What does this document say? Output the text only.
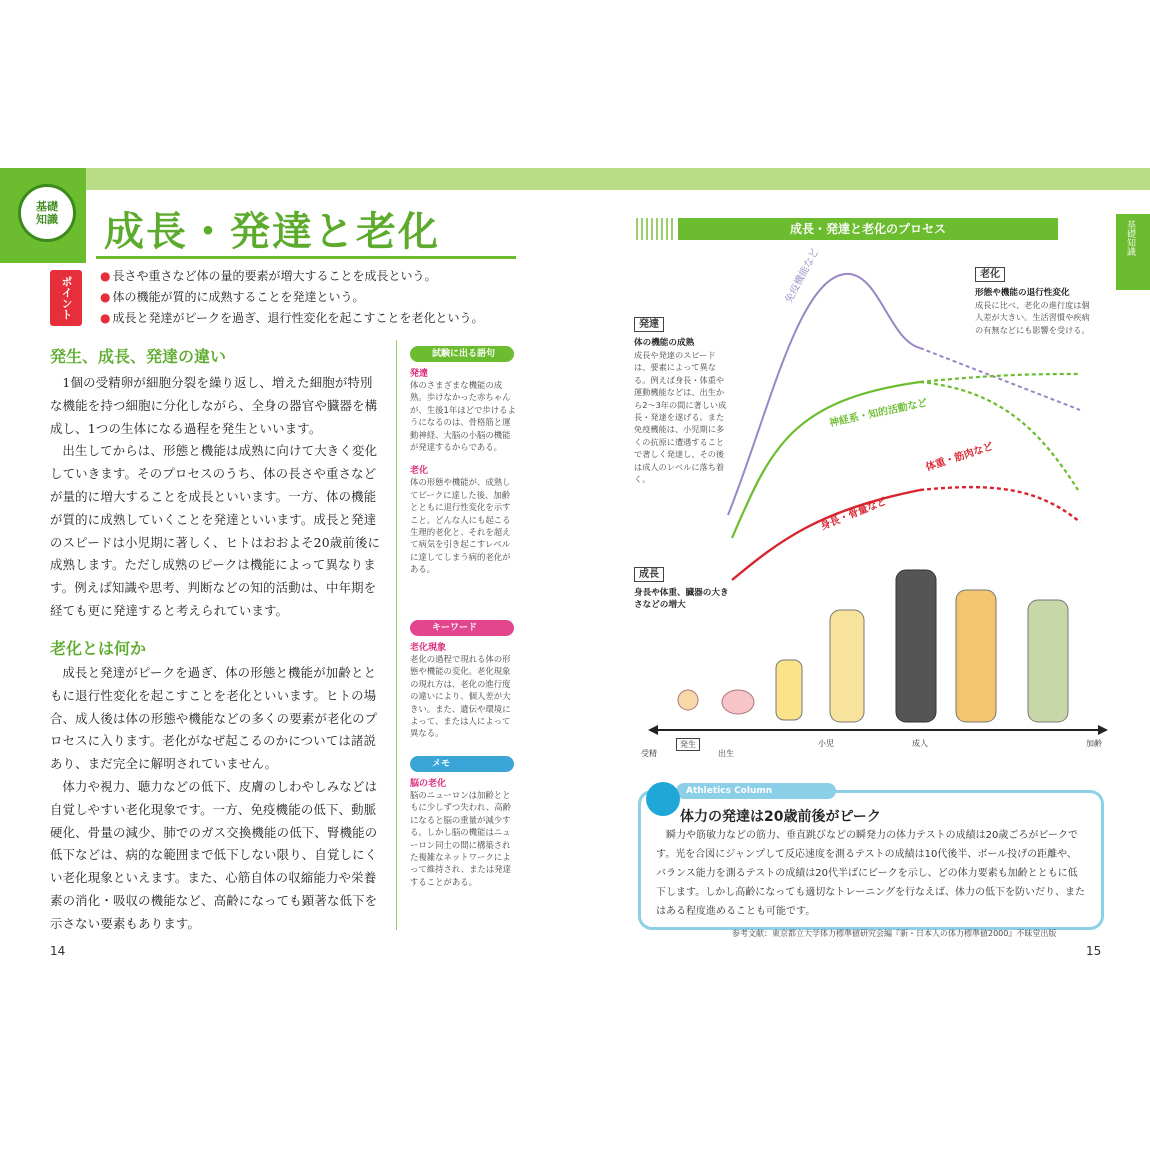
基礎
知識 成長・発達と老化
ポイント
●	長さや重さなど体の量的要素が増大することを成長という。
● 体の機能が質的に成熟することを発達という。
● 成長と発達がピークを過ぎ、退行性変化を起こすことを老化という。
発生、成長、発達の違い

1個の受精卵が細胞分裂を繰り返し、増えた細胞が特別な機能を持つ細胞に分化しながら、全身の器官や臓器を構成し、1つの生体になる過程を発生といいます。

出生してからは、形態と機能は成熟に向けて大きく変化していきます。そのプロセスのうち、体の長さや重さなどが量的に増大することを成長といいます。一方、体の機能が質的に成熟していくことを発達といいます。成長と発達のスピードは小児期に著しく、ヒトはおおよそ20歳前後に成熟します。ただし成熟のピークは機能によって異なります。例えば知識や思考、判断などの知的活動は、中年期を経ても更に発達すると考えられています。

老化とは何か

成長と発達がピークを過ぎ、体の形態と機能が加齢とともに退行性変化を起こすことを老化といいます。ヒトの場合、成人後は体の形態や機能などの多くの要素が老化のプロセスに入ります。老化がなぜ起こるのかについては諸説あり、まだ完全に解明されていません。

体力や視力、聴力などの低下、皮膚のしわやしみなどは自覚しやすい老化現象です。一方、免疫機能の低下、動脈硬化、骨量の減少、肺でのガス交換機能の低下、腎機能の低下などは、病的な範囲まで低下しない限り、自覚しにくい老化現象といえます。また、心筋自体の収縮能力や栄養素の消化・吸収の機能など、高齢になっても顕著な低下を示さない要素もあります。

試験に出る語句
発達
体のさまざまな機能の成熟。歩けなかった赤ちゃんが、生後1年ほどで歩けるようになるのは、骨格筋と運動神経、大脳の小脳の機能が発達するからである。
老化
体の形態や機能が、成熟してピークに達した後、加齢とともに退行性変化を示すこと。どんな人にも起こる生理的老化と、それを超えて病気を引き起こすレベルに達してしまう病的老化がある。
キーワード
老化現象
老化の過程で現れる体の形態や機能の変化。老化現象の現れ方は、老化の進行度の違いにより、個人差が大きい。また、遺伝や環境によって、または人によって異なる。
メモ
脳の老化
脳のニューロンは加齢とともに少しずつ失われ、高齢になると脳の重量が減少する。しかし脳の機能はニューロン同士の間に構築された複雑なネットワークによって維持され、または発達することがある。
14
成長・発達と老化のプロセス	基礎知識
免疫機能など
神経系・知的活動など
身長・骨量など
体重・筋肉など
老化
形態や機能の退行性変化
成長に比べ、老化の進行度は個人差が大きい。生活習慣や疾病の有無などにも影響を受ける。
発達
体の機能の成熟
成長や発達のスピードは、要素によって異なる。例えば身長・体重や運動機能などは、出生から2〜3年の間に著しい成長・発達を遂げる。また免疫機能は、小児期に多くの抗原に遭遇することで著しく発達し、その後は成人のレベルに落ち着く。
成長
身長や体重、臓器の大きさなどの増大
受精
発生
出生
小児	成人	加齢
Athletics Column
体力の発達は20歳前後がピーク
瞬力や筋敏力などの筋力、垂直跳びなどの瞬発力の体力テストの成績は20歳ごろがピークです。光を合図にジャンプして反応速度を測るテストの成績は10代後半、ボール投げの距離や、バランス能力を測るテストの成績は20代半ばにピークを示し、どの体力要素も加齢とともに低下します。しかし高齢になっても適切なトレーニングを行なえば、体力の低下を防いだり、またはある程度進めることも可能です。
参考文献：東京都立大学体力標準値研究会編『新・日本人の体力標準値2000』不昧堂出版
15
